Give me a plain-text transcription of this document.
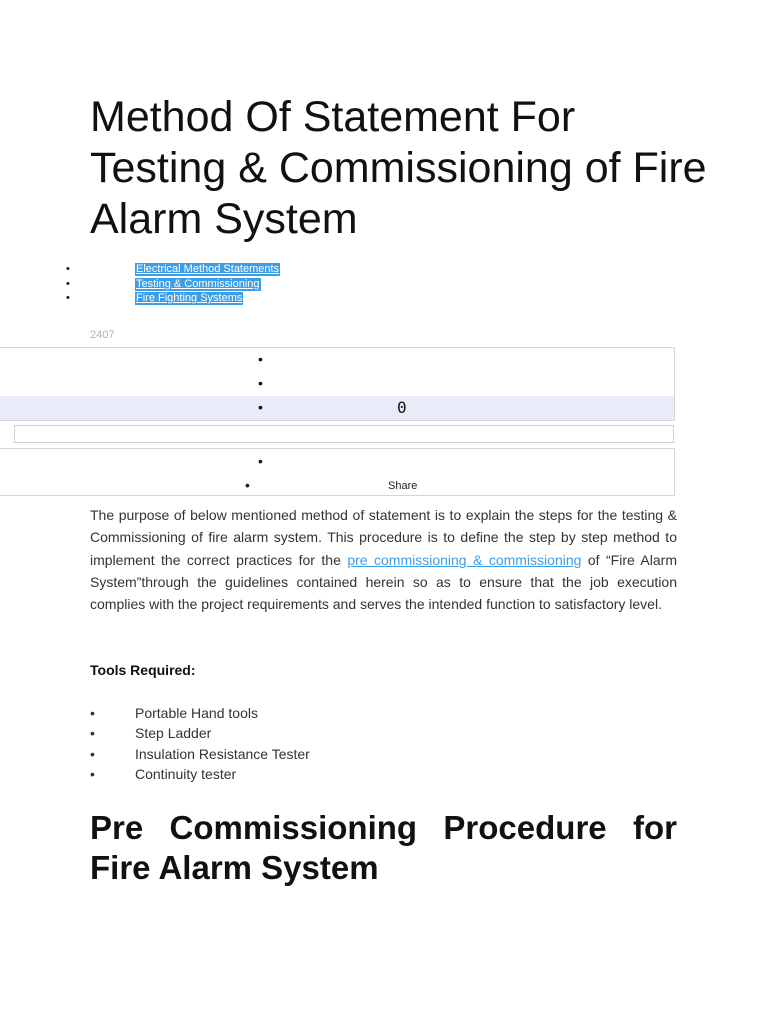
Method Of Statement For Testing & Commissioning of Fire Alarm System
•	Electrical Method Statements
•	Testing & Commissioning
•	Fire Fighting Systems
2407
•
•
•	0
•
•	Share

The purpose of below mentioned method of statement is to explain the steps for the testing & Commissioning of fire alarm system. This procedure is to define the step by step method to implement the correct practices for the pre commissioning & commissioning of “Fire Alarm System”through the guidelines contained herein so as to ensure that the job execution complies with the project requirements and serves the intended function to satisfactory level.

Tools Required:
•	Portable Hand tools
•	Step Ladder
•	Insulation Resistance Tester
•	Continuity tester
Pre Commissioning Procedure for Fire Alarm System
